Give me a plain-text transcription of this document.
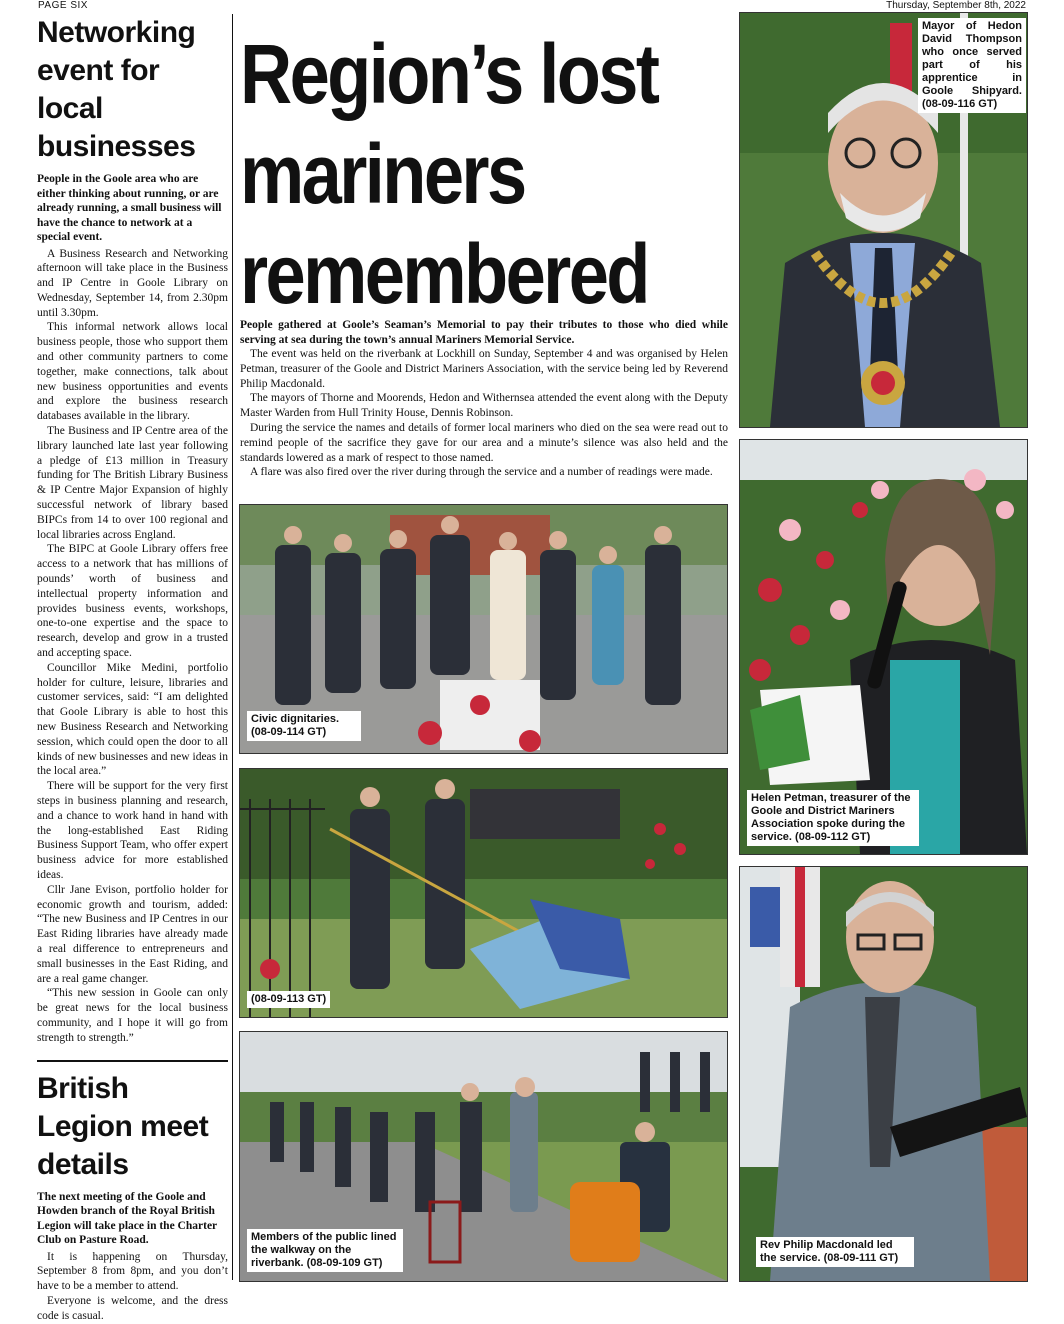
PAGE SIX	Thursday, September 8th, 2022
Networking event for local businesses

People in the Goole area who are either thinking about running, or are already running, a small business will have the chance to network at a special event.

A Business Research and Networking afternoon will take place in the Business and IP Centre in Goole Library on Wednesday, September 14, from 2.30pm until 3.30pm.

This informal network allows local business people, those who support them and other community partners to come together, make connections, talk about new business opportunities and events and explore the business research databases available in the library.

The Business and IP Centre area of the library launched late last year following a pledge of £13 million in Treasury funding for The British Library Business & IP Centre Major Expansion of highly successful network of library based BIPCs from 14 to over 100 regional and local libraries across England.

The BIPC at Goole Library offers free access to a network that has millions of pounds’ worth of business and intellectual property information and provides business events, workshops, one-to-one expertise and the space to research, develop and grow in a trusted and accepting space.

Councillor Mike Medini, portfolio holder for culture, leisure, libraries and customer services, said: “I am delighted that Goole Library is able to host this new Business Research and Networking session, which could open the door to all kinds of new businesses and new ideas in the local area.”

There will be support for the very first steps in business planning and research, and a chance to work hand in hand with the long-established East Riding Business Support Team, who offer expert business advice for more established ideas.

Cllr Jane Evison, portfolio holder for economic growth and tourism, added: “The new Business and IP Centres in our East Riding libraries have already made a real difference to entrepreneurs and small businesses in the East Riding, and are a real game changer.

“This new session in Goole can only be great news for the local business community, and I hope it will go from strength to strength.”

British Legion meet details

The next meeting of the Goole and Howden branch of the Royal British Legion will take place in the Charter Club on Pasture Road.

It is happening on Thursday, September 8 from 8pm, and you don’t have to be a member to attend.

Everyone is welcome, and the dress code is casual.

Region’s lost mariners remembered

People gathered at Goole’s Seaman’s Memorial to pay their tributes to those who died while serving at sea during the town’s annual Mariners Memorial Service.

The event was held on the riverbank at Lockhill on Sunday, September 4 and was organised by Helen Petman, treasurer of the Goole and District Mariners Association, with the service being led by Reverend Philip Macdonald.

The mayors of Thorne and Moorends, Hedon and Withernsea attended the event along with the Deputy Master Warden from Hull Trinity House, Dennis Robinson.

During the service the names and details of former local mariners who died on the sea were read out to remind people of the sacrifice they gave for our area and a minute’s silence was also held and the standards lowered as a mark of respect to those named.

A flare was also fired over the river during through the service and a number of readings were made.

Civic dignitaries. (08-09-114 GT)
(08-09-113 GT)
Members of the public lined the walkway on the riverbank. (08-09-109 GT)
Mayor of Hedon David Thompson who once served part of his apprentice in Goole Shipyard. (08-09-116 GT)
Helen Petman, treasurer of the Goole and District Mariners Association spoke during the service. (08-09-112 GT)
Rev Philip Macdonald led the service. (08-09-111 GT)
